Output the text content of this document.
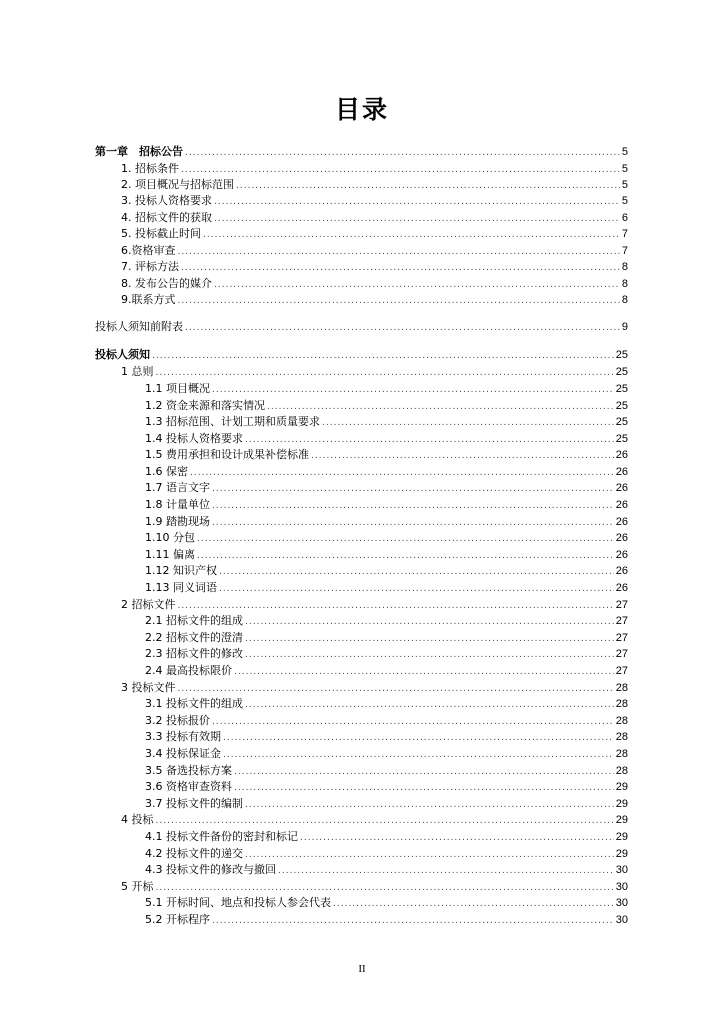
目录
第一章　招标公告 .....	5
1. 招标条件 .....	5
2. 项目概况与招标范围 .....	5
3. 投标人资格要求 .....	5
4. 招标文件的获取 .....	6
5. 投标截止时间 .....	7
6.资格审查 .....	7
7. 评标方法 .....	8
8. 发布公告的媒介 .....	8
9.联系方式 .....	8
投标人须知前附表 .....	9
投标人须知 .....	25
1 总则 .....	25
1.1 项目概况 .....	25
1.2 资金来源和落实情况 .....	25
1.3 招标范围、计划工期和质量要求 .....	25
1.4 投标人资格要求 .....	25
1.5 费用承担和设计成果补偿标准 .....	26
1.6 保密 .....	26
1.7 语言文字 .....	26
1.8 计量单位 .....	26
1.9 踏勘现场 .....	26
1.10 分包 .....	26
1.11 偏离 .....	26
1.12 知识产权 .....	26
1.13 同义词语 .....	26
2 招标文件 .....	27
2.1 招标文件的组成 .....	27
2.2 招标文件的澄清 .....	27
2.3 招标文件的修改 .....	27
2.4 最高投标限价 .....	27
3 投标文件 .....	28
3.1 投标文件的组成 .....	28
3.2 投标报价 .....	28
3.3 投标有效期 .....	28
3.4 投标保证金 .....	28
3.5 备选投标方案 .....	28
3.6 资格审查资料 .....	29
3.7 投标文件的编制 .....	29
4 投标 .....	29
4.1 投标文件备份的密封和标记 .....	29
4.2 投标文件的递交 .....	29
4.3 投标文件的修改与撤回 .....	30
5 开标 .....	30
5.1 开标时间、地点和投标人参会代表 .....	30
5.2 开标程序 .....	30
II
